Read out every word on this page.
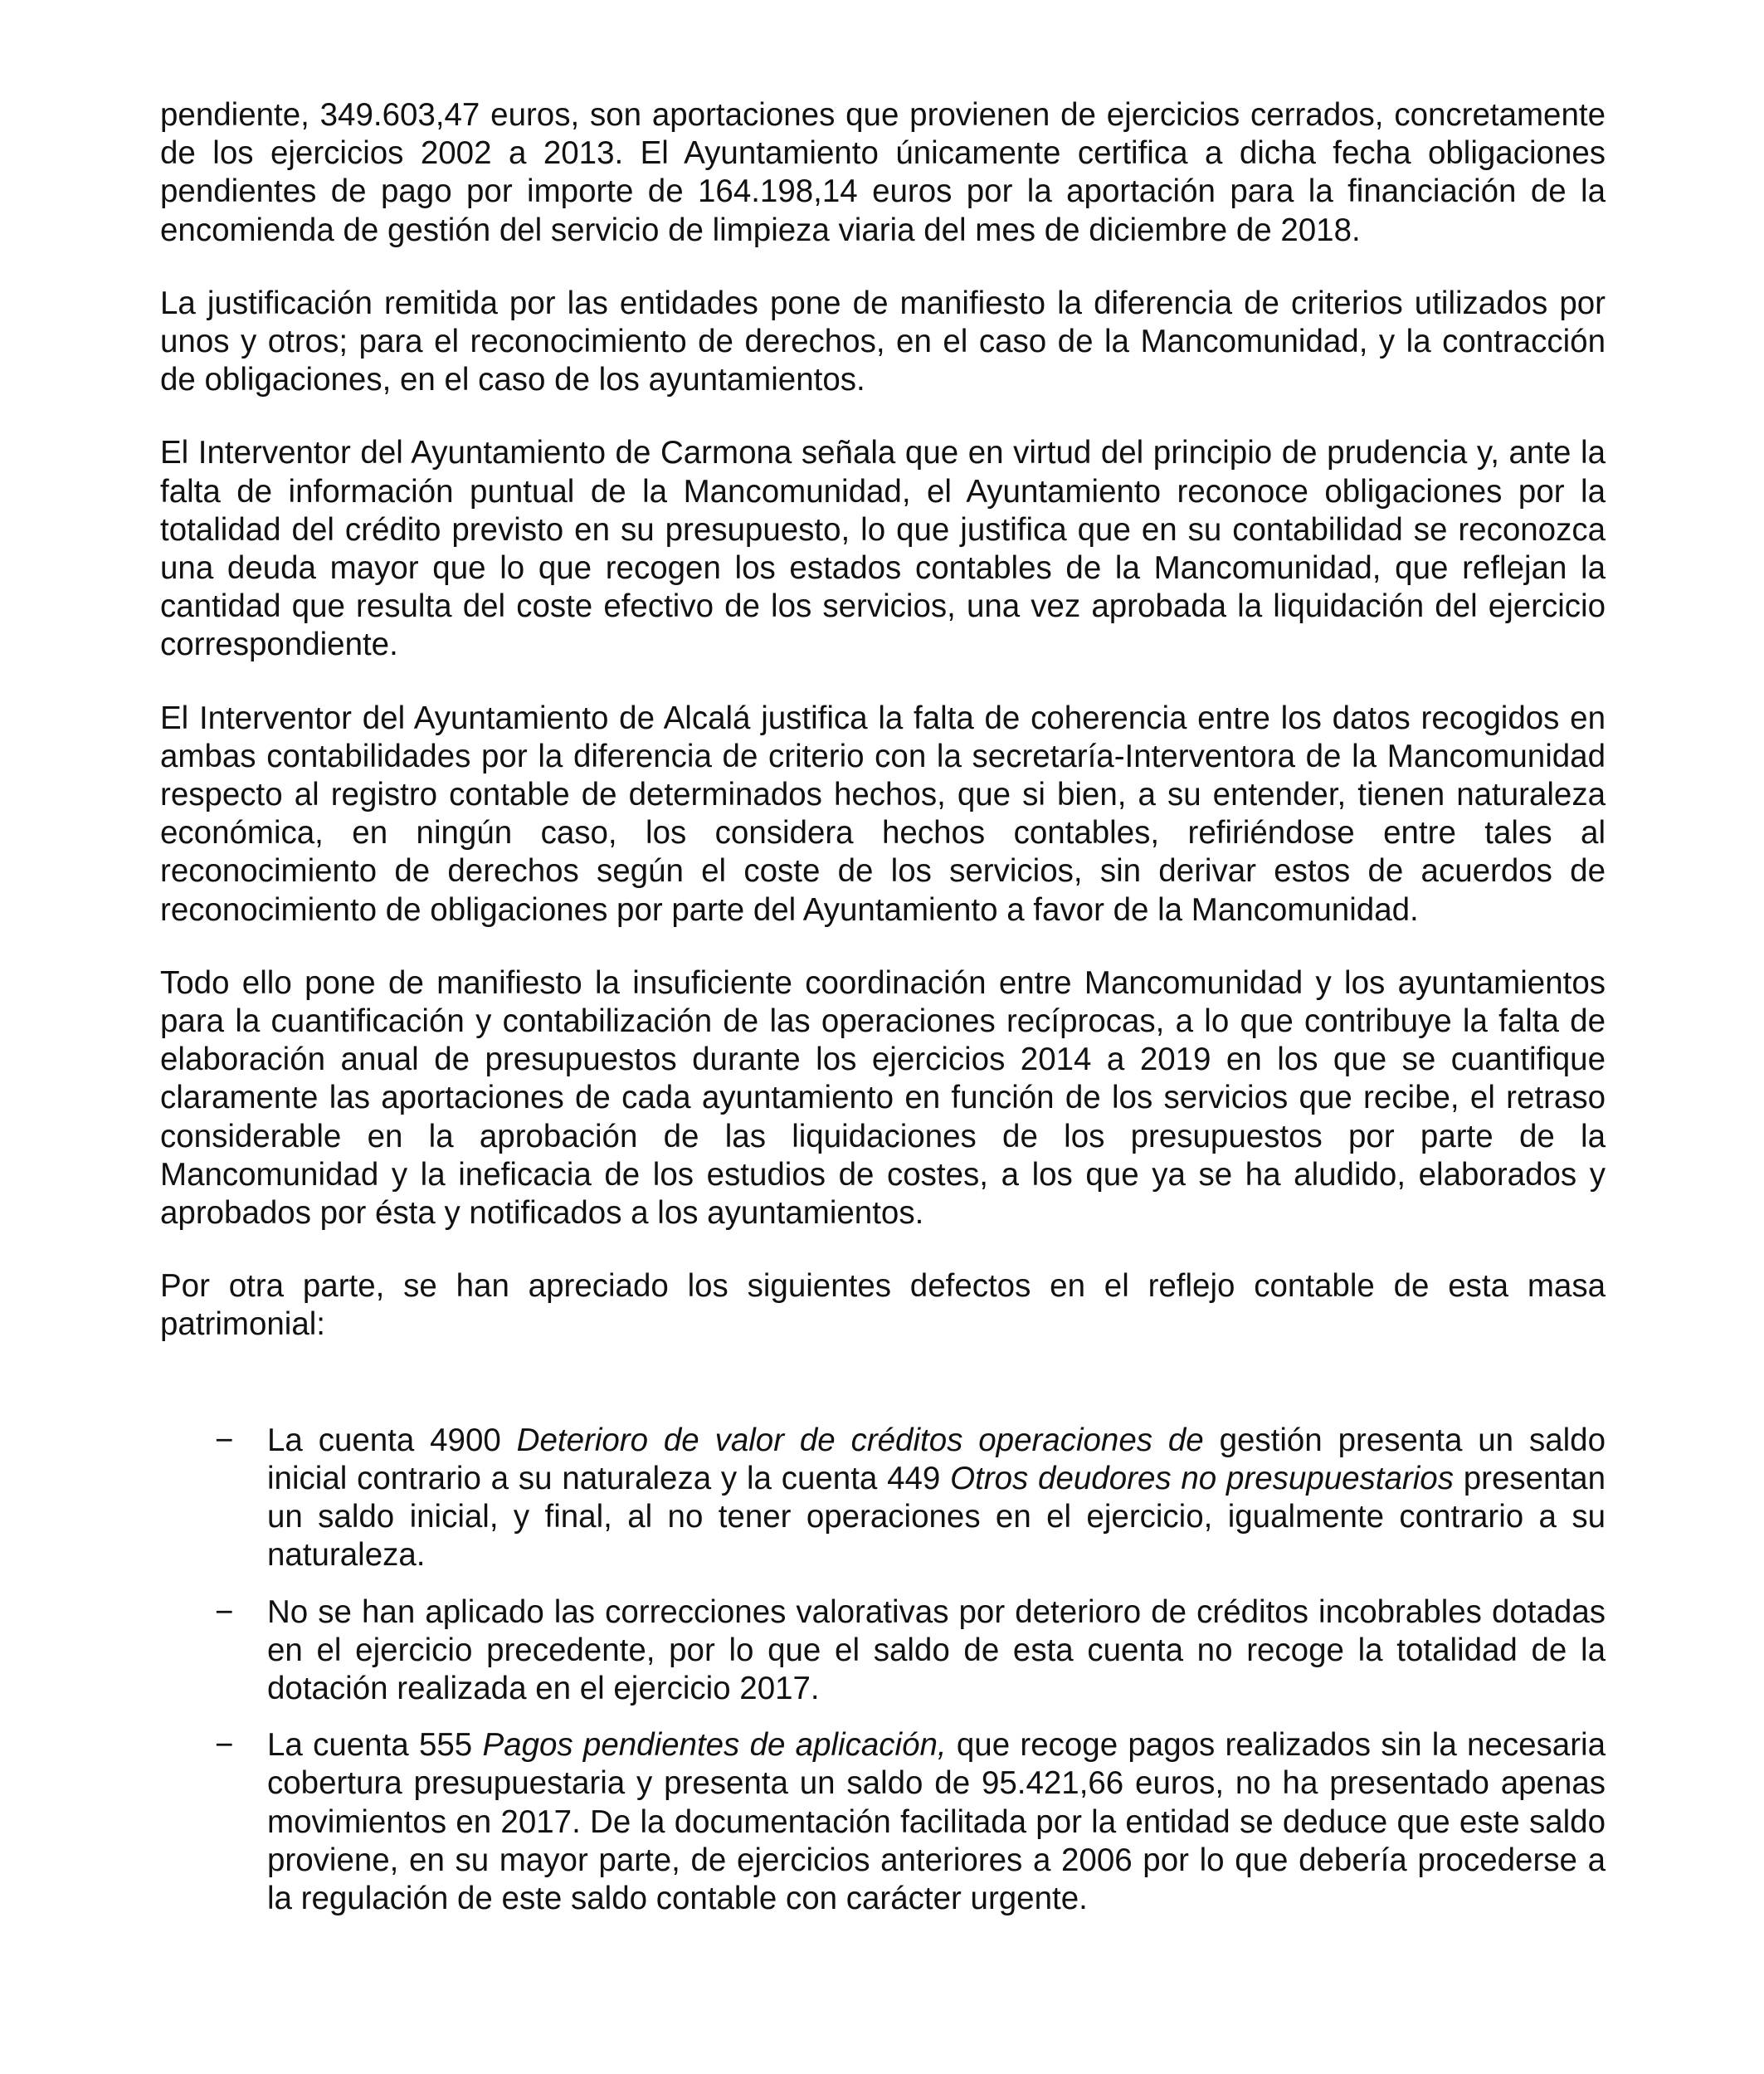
pendiente, 349.603,47 euros, son aportaciones que provienen de ejercicios cerrados, concretamente de los ejercicios 2002 a 2013. El Ayuntamiento únicamente certifica a dicha fecha obligaciones pendientes de pago por importe de 164.198,14 euros por la aportación para la financiación de la encomienda de gestión del servicio de limpieza viaria del mes de diciembre de 2018.

La justificación remitida por las entidades pone de manifiesto la diferencia de criterios utilizados por unos y otros; para el reconocimiento de derechos, en el caso de la Mancomunidad, y la contracción de obligaciones, en el caso de los ayuntamientos.

El Interventor del Ayuntamiento de Carmona señala que en virtud del principio de prudencia y, ante la falta de información puntual de la Mancomunidad, el Ayuntamiento reconoce obligaciones por la totalidad del crédito previsto en su presupuesto, lo que justifica que en su contabilidad se reconozca una deuda mayor que lo que recogen los estados contables de la Mancomunidad, que reflejan la cantidad que resulta del coste efectivo de los servicios, una vez aprobada la liquidación del ejercicio correspondiente.

El Interventor del Ayuntamiento de Alcalá justifica la falta de coherencia entre los datos recogidos en ambas contabilidades por la diferencia de criterio con la secretaría-Interventora de la Mancomunidad respecto al registro contable de determinados hechos, que si bien, a su entender, tienen naturaleza económica, en ningún caso, los considera hechos contables, refiriéndose entre tales al reconocimiento de derechos según el coste de los servicios, sin derivar estos de acuerdos de reconocimiento de obligaciones por parte del Ayuntamiento a favor de la Mancomunidad.

Todo ello pone de manifiesto la insuficiente coordinación entre Mancomunidad y los ayuntamientos para la cuantificación y contabilización de las operaciones recíprocas, a lo que contribuye la falta de elaboración anual de presupuestos durante los ejercicios 2014 a 2019 en los que se cuantifique claramente las aportaciones de cada ayuntamiento en función de los servicios que recibe, el retraso considerable en la aprobación de las liquidaciones de los presupuestos por parte de la Mancomunidad y la ineficacia de los estudios de costes, a los que ya se ha aludido, elaborados y aprobados por ésta y notificados a los ayuntamientos.

Por otra parte, se han apreciado los siguientes defectos en el reflejo contable de esta masa patrimonial:

−	La cuenta 4900 Deterioro de valor de créditos operaciones de gestión presenta un saldo inicial contrario a su naturaleza y la cuenta 449 Otros deudores no presupuestarios presentan un saldo inicial, y final, al no tener operaciones en el ejercicio, igualmente contrario a su naturaleza.
−	No se han aplicado las correcciones valorativas por deterioro de créditos incobrables dotadas en el ejercicio precedente, por lo que el saldo de esta cuenta no recoge la totalidad de la dotación realizada en el ejercicio 2017.
−	La cuenta 555 Pagos pendientes de aplicación, que recoge pagos realizados sin la necesaria cobertura presupuestaria y presenta un saldo de 95.421,66 euros, no ha presentado apenas movimientos en 2017. De la documentación facilitada por la entidad se deduce que este saldo proviene, en su mayor parte, de ejercicios anteriores a 2006 por lo que debería procederse a la regulación de este saldo contable con carácter urgente.
